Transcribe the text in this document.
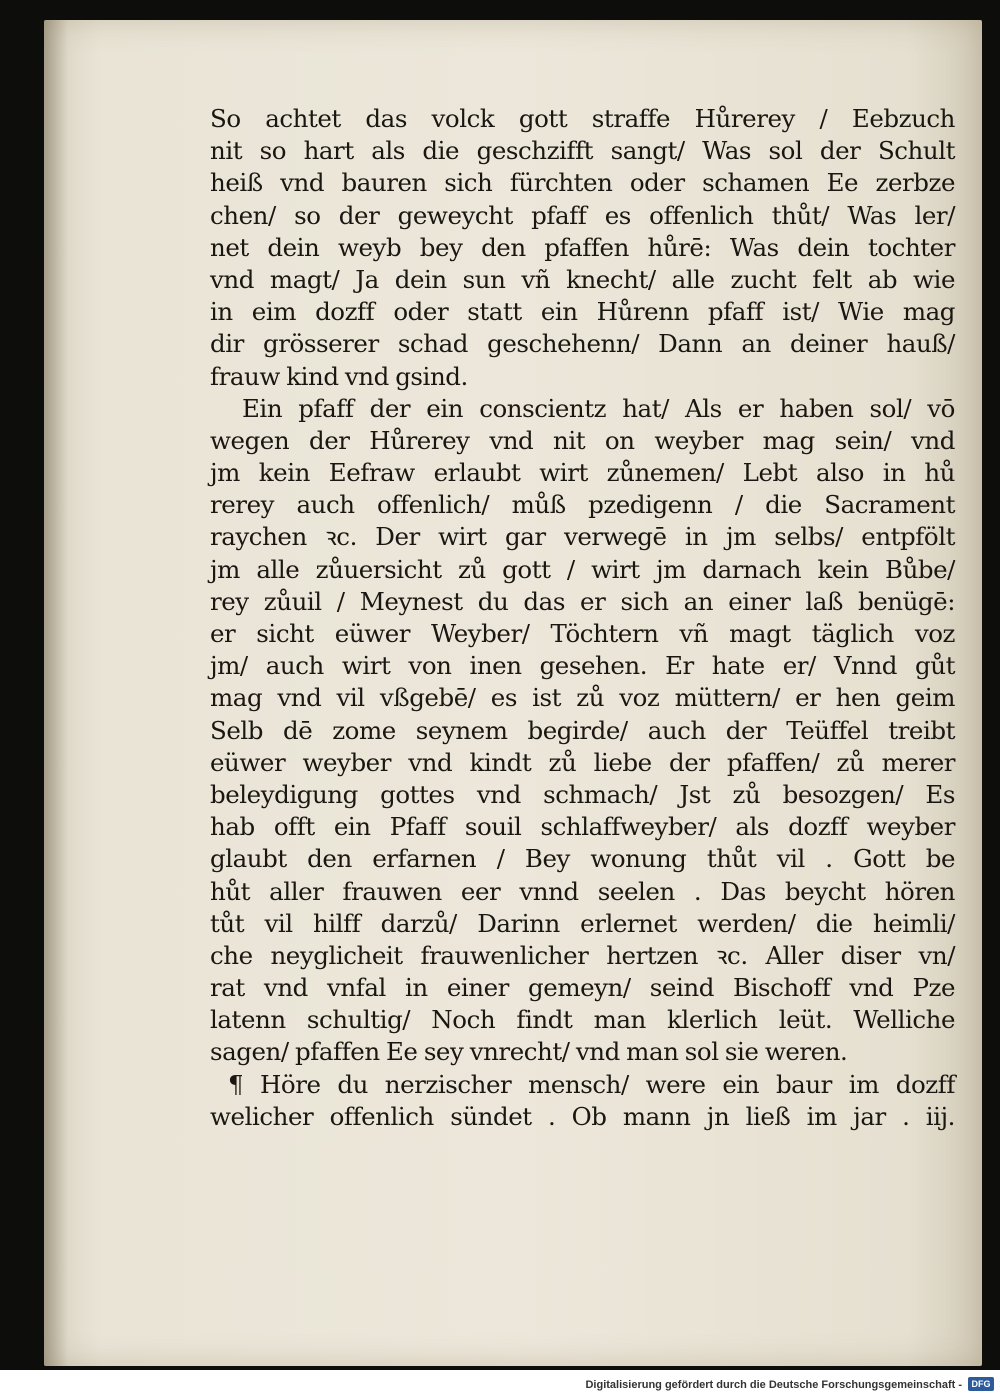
So achtet das volck gott straffe Hůrerey / Eebzuch
nit so hart als die geschzifft sangt/ Was sol der Schult
heiß vnd bauren sich fürchten oder schamen Ee zerbze
chen/ so der geweycht pfaff es offenlich thůt/ Was ler/
net dein weyb bey den pfaffen hůrē: Was dein tochter
vnd magt/ Ja dein sun vñ knecht/ alle zucht felt ab wie
in eim dozff oder statt ein Hůrenn pfaff ist/ Wie mag
dir grösserer schad geschehenn/ Dann an deiner hauß/
frauw kind vnd gsind.
Ein pfaff der ein conscientz hat/ Als er haben sol/ vō
wegen der Hůrerey vnd nit on weyber mag sein/ vnd
jm kein Eefraw erlaubt wirt zůnemen/ Lebt also in hů
rerey auch offenlich/ můß pzedigenn / die Sacrament
raychen ꝛc. Der wirt gar verwegē in jm selbs/ entpfölt
jm alle zůuersicht zů gott / wirt jm darnach kein Bůbe/
rey zůuil / Meynest du das er sich an einer laß benügē:
er sicht eüwer Weyber/ Töchtern vñ magt täglich voz
jm/ auch wirt von inen gesehen. Er hate er/ Vnnd gůt
mag vnd vil vßgebē/ es ist zů voz müttern/ er hen geim
Selb dē zome seynem begirde/ auch der Teüffel treibt
eüwer weyber vnd kindt zů liebe der pfaffen/ zů merer
beleydigung gottes vnd schmach/ Jst zů besozgen/ Es
hab offt ein Pfaff souil schlaffweyber/ als dozff weyber
glaubt den erfarnen / Bey wonung thůt vil . Gott be
hůt aller frauwen eer vnnd seelen . Das beycht hören
tůt vil hilff darzů/ Darinn erlernet werden/ die heimli/
che neyglicheit frauwenlicher hertzen ꝛc. Aller diser vn/
rat vnd vnfal in einer gemeyn/ seind Bischoff vnd Pze
latenn schultig/ Noch findt man klerlich leüt. Welliche
sagen/ pfaffen Ee sey vnrecht/ vnd man sol sie weren.
¶ Höre du nerzischer mensch/ were ein baur im dozff
welicher offenlich sündet . Ob mann jn ließ im jar . iij.
Digitalisierung gefördert durch die Deutsche Forschungsgemeinschaft -	DFG
